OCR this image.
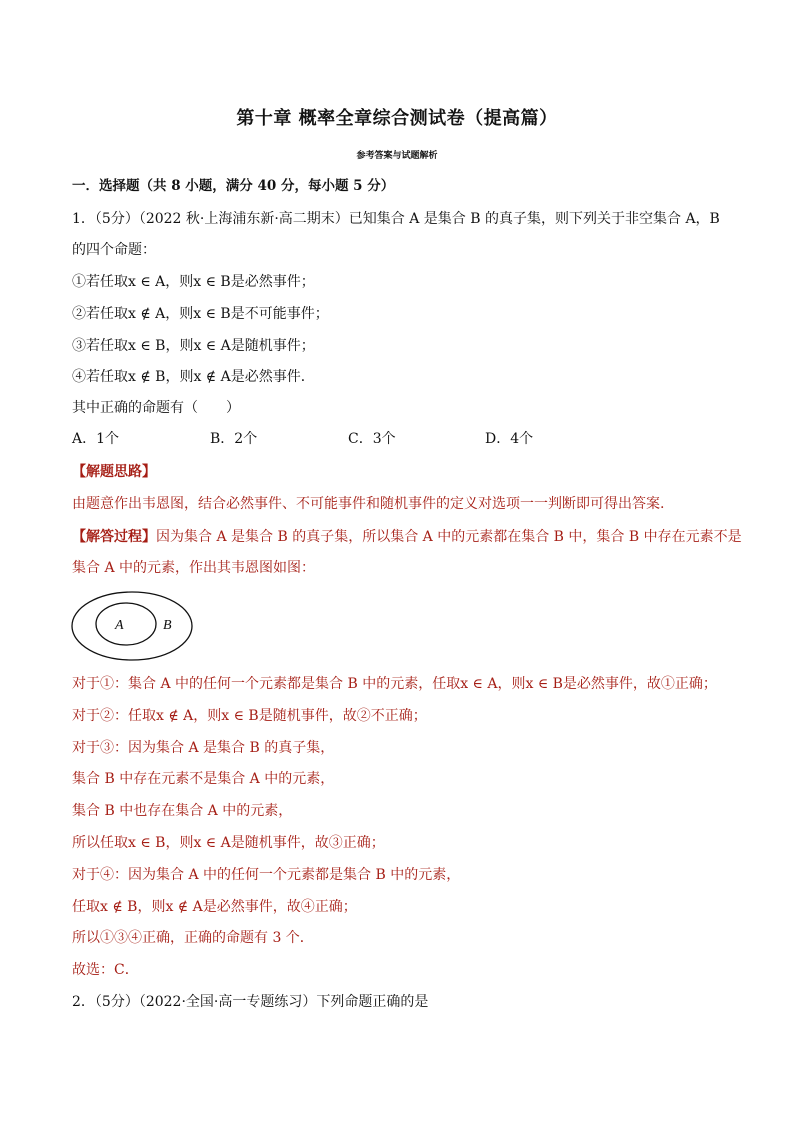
第十章 概率全章综合测试卷（提高篇）
参考答案与试题解析
一．选择题（共 8 小题，满分 40 分，每小题 5 分）
1．（5分）（2022 秋·上海浦东新·高二期末）已知集合 A 是集合 B 的真子集，则下列关于非空集合 A，B
的四个命题：
①若任取x ∈ A，则x ∈ B是必然事件；
②若任取x ∉ A，则x ∈ B是不可能事件；
③若任取x ∈ B，则x ∈ A是随机事件；
④若任取x ∉ B，则x ∉ A是必然事件．
其中正确的命题有（　　）
A．1个	B．2个	C．3个	D．4个
【解题思路】
由题意作出韦恩图，结合必然事件、不可能事件和随机事件的定义对选项一一判断即可得出答案.
【解答过程】因为集合 A 是集合 B 的真子集，所以集合 A 中的元素都在集合 B 中，集合 B 中存在元素不是
集合 A 中的元素，作出其韦恩图如图：
A	B
对于①：集合 A 中的任何一个元素都是集合 B 中的元素，任取x ∈ A，则x ∈ B是必然事件，故①正确；
对于②：任取x ∉ A，则x ∈ B是随机事件，故②不正确；
对于③：因为集合 A 是集合 B 的真子集，
集合 B 中存在元素不是集合 A 中的元素，
集合 B 中也存在集合 A 中的元素，
所以任取x ∈ B，则x ∈ A是随机事件，故③正确；
对于④：因为集合 A 中的任何一个元素都是集合 B 中的元素，
任取x ∉ B，则x ∉ A是必然事件，故④正确；
所以①③④正确，正确的命题有 3 个．
故选：C．
2．（5分）（2022·全国·高一专题练习）下列命题正确的是
